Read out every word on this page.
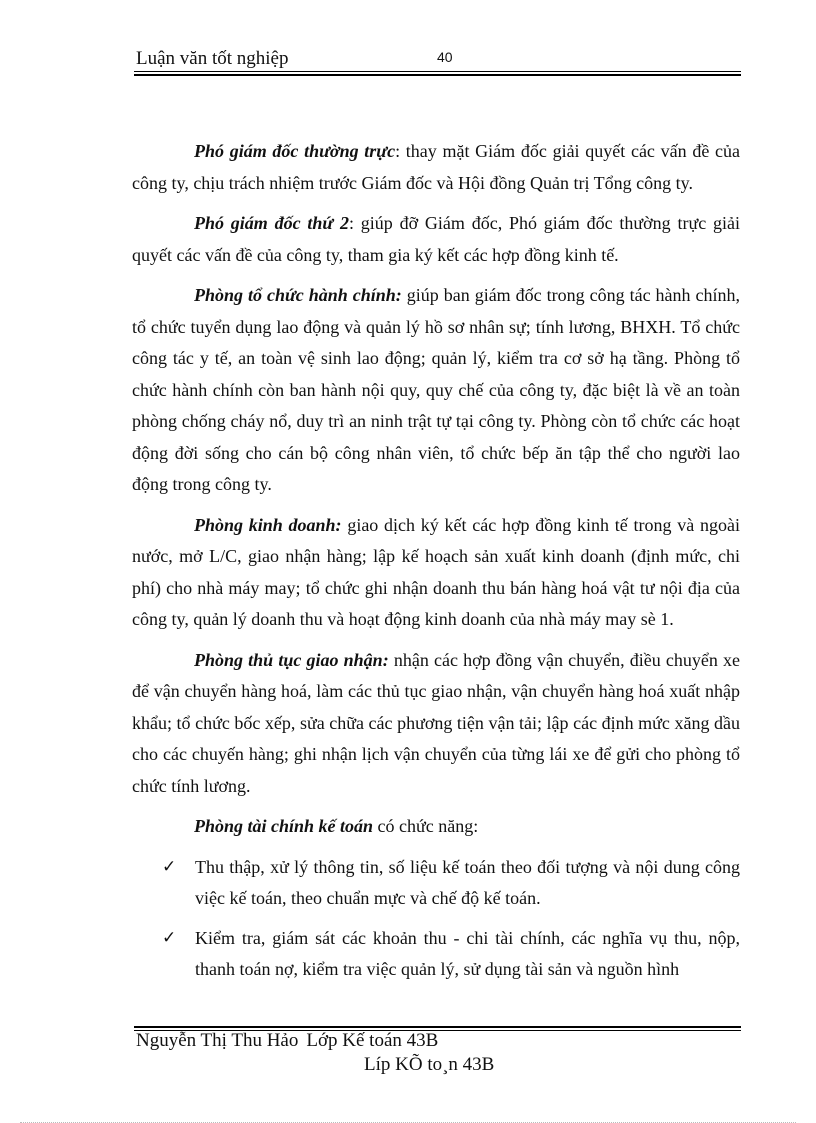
Luận văn tốt nghiệp	40

Phó giám đốc thường trực: thay mặt Giám đốc giải quyết các vấn đề của công ty, chịu trách nhiệm trước Giám đốc và Hội đồng Quản trị Tổng công ty.

Phó giám đốc thứ 2: giúp đỡ Giám đốc, Phó giám đốc thường trực giải quyết các vấn đề của công ty, tham gia ký kết các hợp đồng kinh tế.

Phòng tổ chức hành chính: giúp ban giám đốc trong công tác hành chính, tổ chức tuyển dụng lao động và quản lý hồ sơ nhân sự; tính lương, BHXH. Tổ chức công tác y tế, an toàn vệ sinh lao động; quản lý, kiểm tra cơ sở hạ tầng. Phòng tổ chức hành chính còn ban hành nội quy, quy chế của công ty, đặc biệt là về an toàn phòng chống cháy nổ, duy trì an ninh trật tự tại công ty. Phòng còn tổ chức các hoạt động đời sống cho cán bộ công nhân viên, tổ chức bếp ăn tập thể cho người lao động trong công ty.

Phòng kinh doanh: giao dịch ký kết các hợp đồng kinh tế trong và ngoài nước, mở L/C, giao nhận hàng; lập kế hoạch sản xuất kinh doanh (định mức, chi phí) cho nhà máy may; tổ chức ghi nhận doanh thu bán hàng hoá vật tư nội địa của công ty, quản lý doanh thu và hoạt động kinh doanh của nhà máy may sè 1.

Phòng thủ tục giao nhận: nhận các hợp đồng vận chuyển, điều chuyển xe để vận chuyển hàng hoá, làm các thủ tục giao nhận, vận chuyển hàng hoá xuất nhập khẩu; tổ chức bốc xếp, sửa chữa các phương tiện vận tải; lập các định mức xăng dầu cho các chuyến hàng; ghi nhận lịch vận chuyển của từng lái xe để gửi cho phòng tổ chức tính lương.

Phòng tài chính kế toán có chức năng:

✓ Thu thập, xử lý thông tin, số liệu kế toán theo đối tượng và nội dung công việc kế toán, theo chuẩn mực và chế độ kế toán.
✓ Kiểm tra, giám sát các khoản thu - chi tài chính, các nghĩa vụ thu, nộp, thanh toán nợ, kiểm tra việc quản lý, sử dụng tài sản và nguồn hình
Nguyễn Thị Thu Hảo Lớp Kế toán 43B
Líp KÕ to¸n 43B
